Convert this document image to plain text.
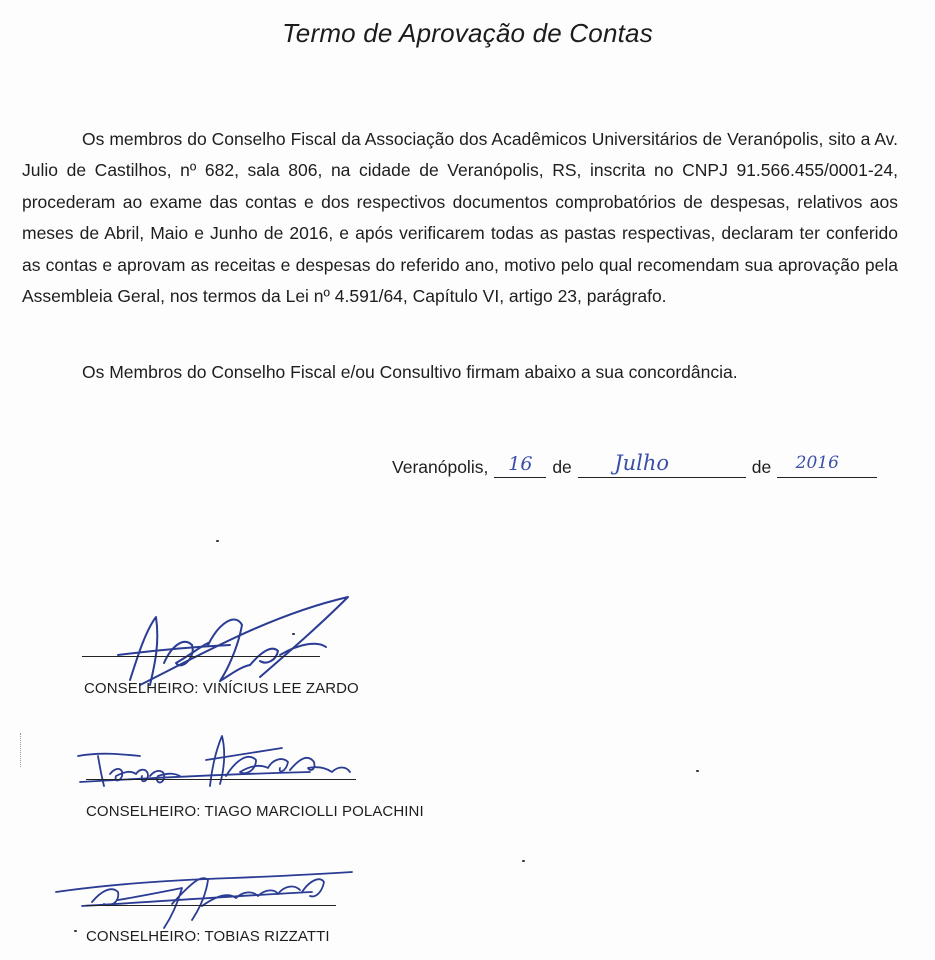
Termo de Aprovação de Contas

Os membros do Conselho Fiscal da Associação dos Acadêmicos Universitários de Veranópolis, sito a Av. Julio de Castilhos, nº 682, sala 806, na cidade de Veranópolis, RS, inscrita no CNPJ 91.566.455/0001-24, procederam ao exame das contas e dos respectivos documentos comprobatórios de despesas, relativos aos meses de Abril, Maio e Junho de 2016, e após verificarem todas as pastas respectivas, declaram ter conferido as contas e aprovam as receitas e despesas do referido ano, motivo pelo qual recomendam sua aprovação pela Assembleia Geral, nos termos da Lei nº 4.591/64, Capítulo VI, artigo 23, parágrafo.

Os Membros do Conselho Fiscal e/ou Consultivo firmam abaixo a sua concordância.
Veranópolis, 16 de Julho	de 2016
CONSELHEIRO: VINÍCIUS LEE ZARDO
CONSELHEIRO: TIAGO MARCIOLLI POLACHINI
CONSELHEIRO: TOBIAS RIZZATTI
